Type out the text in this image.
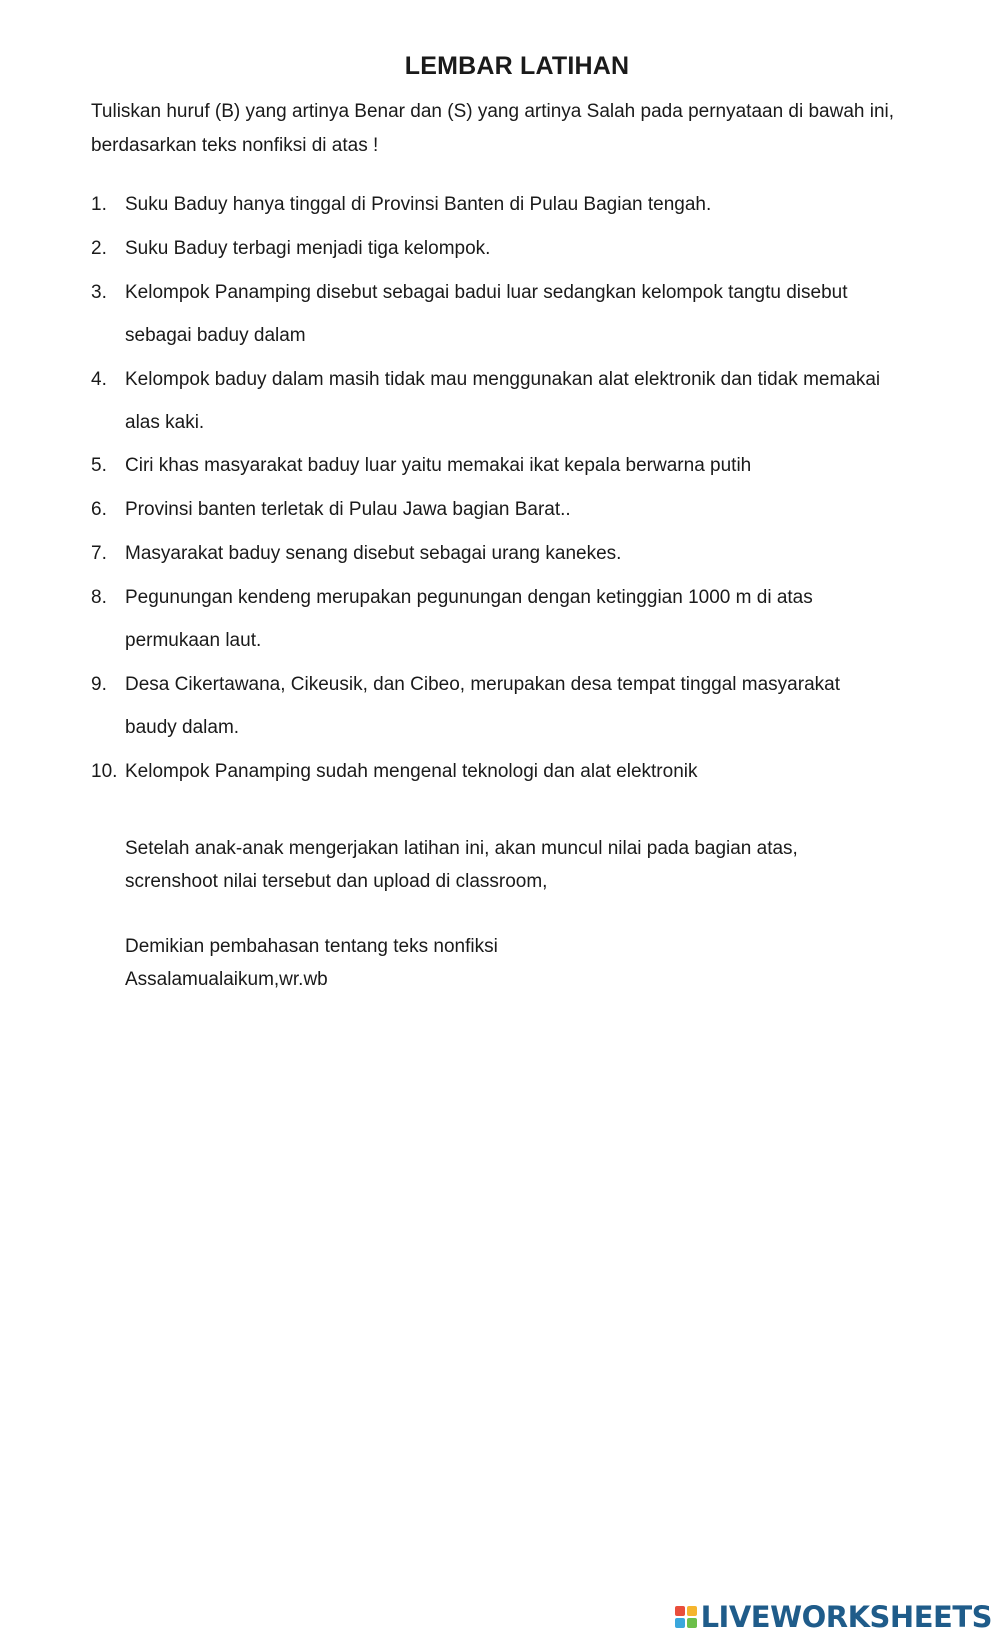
LEMBAR LATIHAN

Tuliskan huruf (B) yang artinya Benar dan (S) yang artinya Salah pada pernyataan di bawah ini, berdasarkan teks nonfiksi di atas !

1. Suku Baduy hanya tinggal di Provinsi Banten di Pulau Bagian tengah.
2. Suku Baduy terbagi menjadi tiga kelompok.
3. Kelompok Panamping disebut sebagai badui luar sedangkan kelompok tangtu disebut
sebagai baduy dalam
4. Kelompok baduy dalam masih tidak mau menggunakan alat elektronik dan tidak memakai
alas kaki.
5. Ciri khas masyarakat baduy luar yaitu memakai ikat kepala berwarna putih
6. Provinsi banten terletak di Pulau Jawa bagian Barat..
7. Masyarakat baduy senang disebut sebagai urang kanekes.
8. Pegunungan kendeng merupakan pegunungan dengan ketinggian 1000 m di atas
permukaan laut.
9. Desa Cikertawana, Cikeusik, dan Cibeo, merupakan desa tempat tinggal masyarakat
baudy dalam.
10. Kelompok Panamping sudah mengenal teknologi dan alat elektronik
Setelah anak-anak mengerjakan latihan ini, akan muncul nilai pada bagian atas,
screnshoot nilai tersebut dan upload di classroom,
Demikian pembahasan tentang teks nonfiksi
Assalamualaikum,wr.wb
LIVEWORKSHEETS
